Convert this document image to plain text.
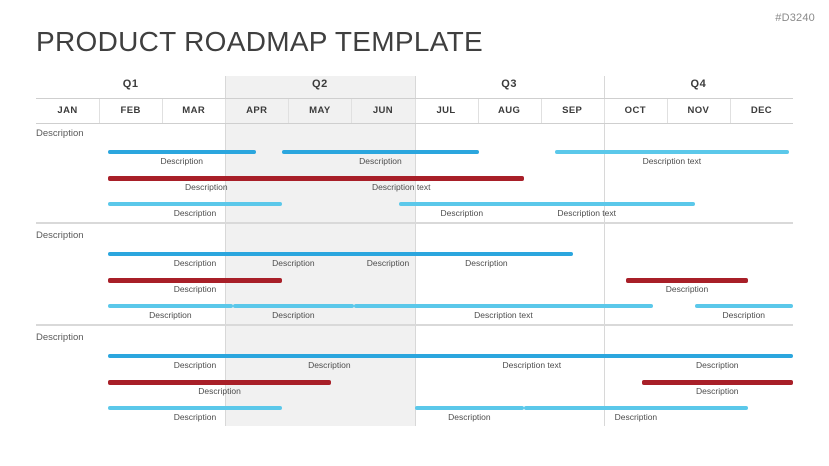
#D3240
PRODUCT ROADMAP TEMPLATE
Q1	Q2	Q3	Q4
JAN	FEB	MAR	APR	MAY	JUN	JUL	AUG	SEP	OCT	NOV	DEC
Description
Description	Description	Description text
Description	Description text
Description	Description	Description text
Description
Description	Description	Description	Description
Description	Description
Description	Description	Description text	Description
Description
Description	Description	Description text	Description
Description	Description
Description	Description	Description
